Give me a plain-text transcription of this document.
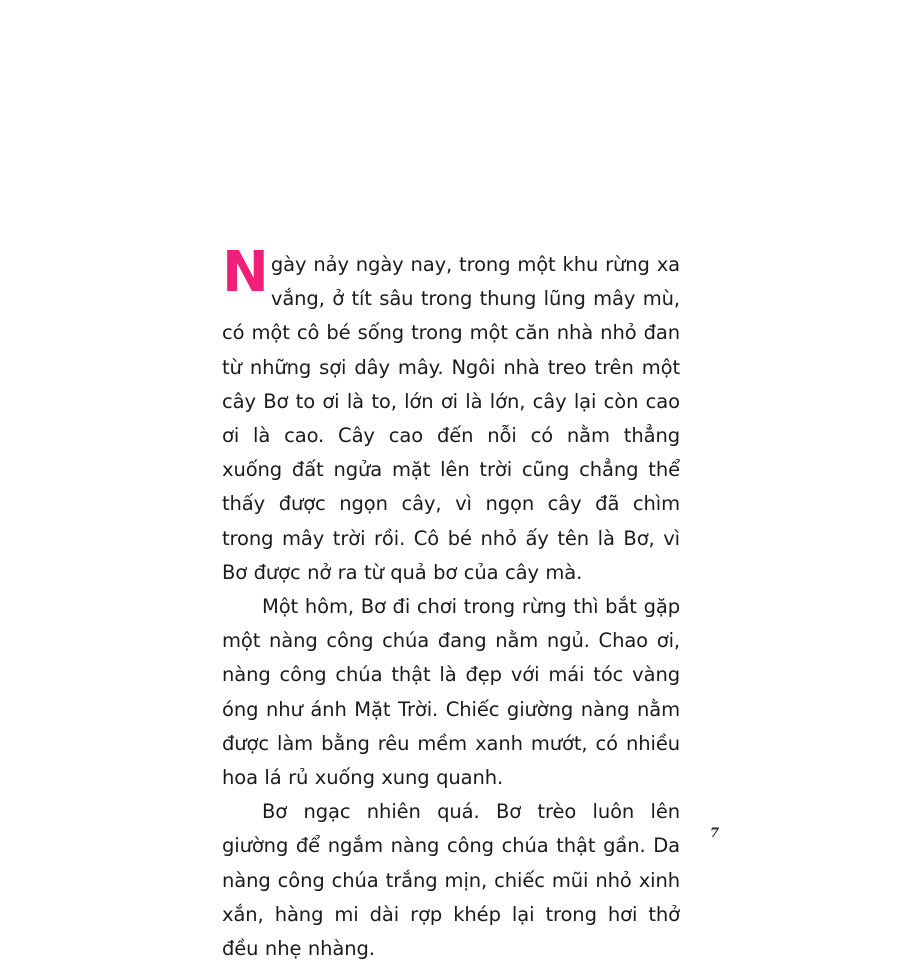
Ngày nảy ngày nay, trong một khu rừng xa vắng, ở tít sâu trong thung lũng mây mù, có một cô bé sống trong một căn nhà nhỏ đan từ những sợi dây mây. Ngôi nhà treo trên một cây Bơ to ơi là to, lớn ơi là lớn, cây lại còn cao ơi là cao. Cây cao đến nỗi có nằm thẳng xuống đất ngửa mặt lên trời cũng chẳng thể thấy được ngọn cây, vì ngọn cây đã chìm trong mây trời rồi. Cô bé nhỏ ấy tên là Bơ, vì Bơ được nở ra từ quả bơ của cây mà.

Một hôm, Bơ đi chơi trong rừng thì bắt gặp một nàng công chúa đang nằm ngủ. Chao ơi, nàng công chúa thật là đẹp với mái tóc vàng óng như ánh Mặt Trời. Chiếc giường nàng nằm được làm bằng rêu mềm xanh mướt, có nhiều hoa lá rủ xuống xung quanh.

Bơ ngạc nhiên quá. Bơ trèo luôn lên giường để ngắm nàng công chúa thật gần. Da nàng công chúa trắng mịn, chiếc mũi nhỏ xinh xắn, hàng mi dài rợp khép lại trong hơi thở đều nhẹ nhàng.

7
